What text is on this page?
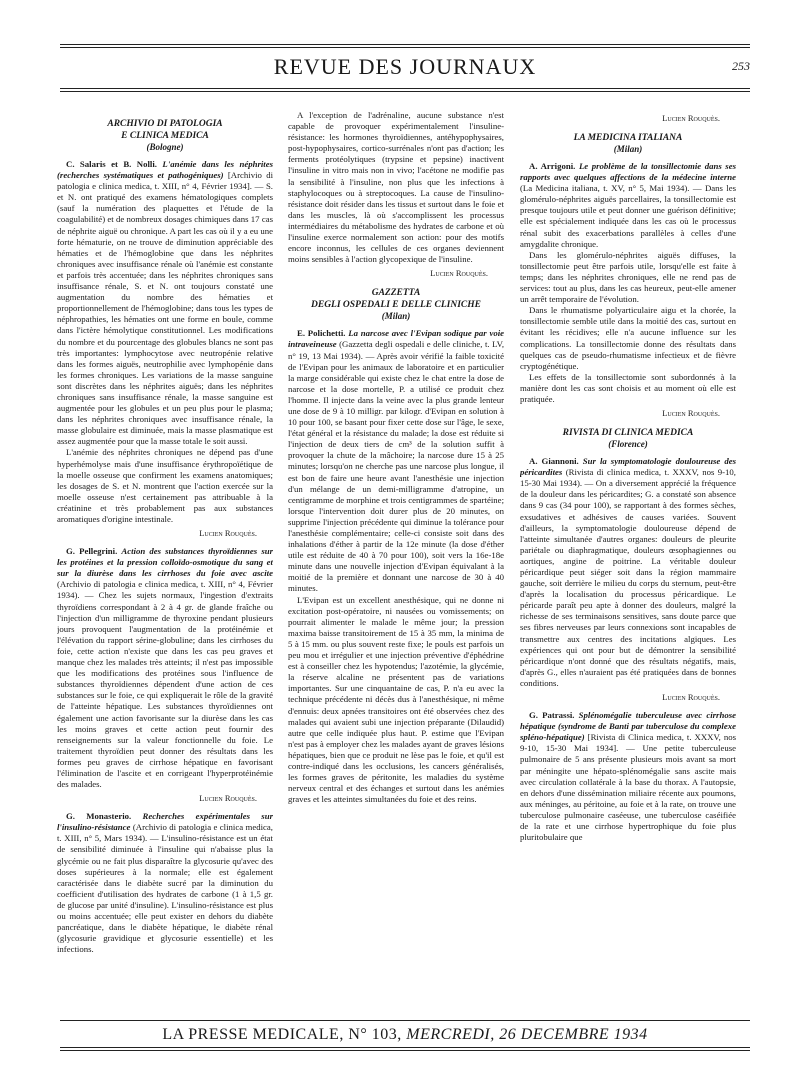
REVUE DES JOURNAUX	253
ARCHIVIO DI PATOLOGIA
E CLINICA MEDICA
(Bologne)

C. Salaris et B. Nolli. L'anémie dans les néphrites (recherches systématiques et pathogéniques) [Archivio di patologia e clinica medica, t. XIII, n° 4, Février 1934]. — S. et N. ont pratiqué des examens hématologiques complets (sauf la numération des plaquettes et l'étude de la coagulabilité) et de nombreux dosages chimiques dans 17 cas de néphrite aiguë ou chronique. A part les cas où il y a eu une forte hématurie, on ne trouve de diminution appréciable des hématies et de l'hémoglobine que dans les néphrites chroniques avec insuffisance rénale où l'anémie est constante et parfois très accentuée; dans les néphrites chroniques sans insuffisance rénale, S. et N. ont toujours constaté une augmentation du nombre des hématies et proportionnellement de l'hémoglobine; dans tous les types de néphropathies, les hématies ont une forme en boule, comme dans l'ictère hémolytique constitutionnel. Les modifications du nombre et du pourcentage des globules blancs ne sont pas très importantes: lymphocytose avec neutropénie relative dans les formes aiguës, neutrophilie avec lymphopénie dans les formes chroniques. Les variations de la masse sanguine sont discrètes dans les néphrites aiguës; dans les néphrites chroniques sans insuffisance rénale, la masse sanguine est augmentée pour les globules et un peu plus pour le plasma; dans les néphrites chroniques avec insuffisance rénale, la masse globulaire est diminuée, mais la masse plasmatique est assez augmentée pour que la masse totale le soit aussi.

L'anémie des néphrites chroniques ne dépend pas d'une hyperhémolyse mais d'une insuffisance érythropoïétique de la moelle osseuse que confirment les examens anatomiques; les dosages de S. et N. montrent que l'action exercée sur la moelle osseuse n'est certainement pas attribuable à la créatinine et très probablement pas aux substances aromatiques d'origine intestinale.

Lucien Rouquès.

G. Pellegrini. Action des substances thyroïdiennes sur les protéines et la pression colloïdo-osmotique du sang et sur la diurèse dans les cirrhoses du foie avec ascite (Archivio di patologia e clinica medica, t. XIII, n° 4, Février 1934). — Chez les sujets normaux, l'ingestion d'extraits thyroïdiens correspondant à 2 à 4 gr. de glande fraîche ou l'injection d'un milligramme de thyroxine pendant plusieurs jours provoquent l'augmentation de la protéinémie et l'élévation du rapport sérine-globuline; dans les cirrhoses du foie, cette action n'existe que dans les cas peu graves et manque chez les malades très atteints; il n'est pas impossible que les modifications des protéines sous l'influence de substances thyroïdiennes dépendent d'une action de ces substances sur le foie, ce qui expliquerait le rôle de la gravité de l'atteinte hépatique. Les substances thyroïdiennes ont également une action favorisante sur la diurèse dans les cas les moins graves et cette action peut fournir des renseignements sur la valeur fonctionnelle du foie. Le traitement thyroïdien peut donner des résultats dans les formes peu graves de cirrhose hépatique en favorisant l'élimination de l'ascite et en corrigeant l'hyperprotéinémie des malades.

Lucien Rouquès.

G. Monasterio. Recherches expérimentales sur l'insulino-résistance (Archivio di patologia e clinica medica, t. XIII, n° 5, Mars 1934). — L'insulino-résistance est un état de sensibilité diminuée à l'insuline qui n'abaisse plus la glycémie ou ne fait plus disparaître la glycosurie qu'avec des doses supérieures à la normale; elle est également caractérisée dans le diabète sucré par la diminution du coefficient d'utilisation des hydrates de carbone (1 à 1,5 gr. de glucose par unité d'insuline). L'insulino-résistance est plus ou moins accentuée; elle peut exister en dehors du diabète pancréatique, dans le diabète hépatique, le diabète rénal (glycosurie gravidique et glycosurie essentielle) et les infections.

A l'exception de l'adrénaline, aucune substance n'est capable de provoquer expérimentalement l'insuline-résistance: les hormones thyroïdiennes, antéhypophysaires, post-hypophysaires, cortico-surrénales n'ont pas d'action; les ferments protéolytiques (trypsine et pepsine) inactivent l'insuline in vitro mais non in vivo; l'acétone ne modifie pas la sensibilité à l'insuline, non plus que les infections à staphylocoques ou à streptocoques. La cause de l'insulino-résistance doit résider dans les tissus et surtout dans le foie et dans les muscles, là où s'accomplissent les processus intermédiaires du métabolisme des hydrates de carbone et où l'insuline exerce normalement son action: pour des motifs encore inconnus, les cellules de ces organes deviennent moins sensibles à l'action glycopexique de l'insuline.

Lucien Rouquès.
GAZZETTA
DEGLI OSPEDALI E DELLE CLINICHE
(Milan)

E. Polichetti. La narcose avec l'Evipan sodique par voie intraveineuse (Gazzetta degli ospedali e delle cliniche, t. LV, n° 19, 13 Mai 1934). — Après avoir vérifié la faible toxicité de l'Evipan pour les animaux de laboratoire et en particulier la marge considérable qui existe chez le chat entre la dose de narcose et la dose mortelle, P. a utilisé ce produit chez l'homme. Il injecte dans la veine avec la plus grande lenteur une dose de 9 à 10 milligr. par kilogr. d'Evipan en solution à 10 pour 100, se basant pour fixer cette dose sur l'âge, le sexe, l'état général et la résistance du malade; la dose est réduite si l'injection de deux tiers de cm³ de la solution suffit à provoquer la chute de la mâchoire; la narcose dure 15 à 25 minutes; lorsqu'on ne cherche pas une narcose plus longue, il est bon de faire une heure avant l'anesthésie une injection d'un mélange de un demi-milligramme d'atropine, un centigramme de morphine et trois centigrammes de spartéine; lorsque l'intervention doit durer plus de 20 minutes, on supprime l'injection précédente qui diminue la tolérance pour l'anesthésie complémentaire; celle-ci consiste soit dans des inhalations d'éther à partir de la 12e minute (la dose d'éther utile est réduite de 40 à 70 pour 100), soit vers la 16e-18e minute dans une nouvelle injection d'Evipan équivalant à la moitié de la première et donnant une narcose de 30 à 40 minutes.

L'Evipan est un excellent anesthésique, qui ne donne ni excitation post-opératoire, ni nausées ou vomissements; on pourrait alimenter le malade le même jour; la pression maxima baisse transitoirement de 15 à 35 mm, la minima de 5 à 15 mm. ou plus souvent reste fixe; le pouls est parfois un peu mou et irrégulier et une injection préventive d'éphédrine est à conseiller chez les hypotendus; l'azotémie, la glycémie, la réserve alcaline ne présentent pas de variations importantes. Sur une cinquantaine de cas, P. n'a eu avec la technique précédente ni décès dus à l'anesthésique, ni même d'ennuis: deux apnées transitoires ont été observées chez des malades qui avaient subi une injection préparante (Dilaudid) autre que celle indiquée plus haut. P. estime que l'Evipan n'est pas à employer chez les malades ayant de graves lésions hépatiques, bien que ce produit ne lèse pas le foie, et qu'il est contre-indiqué dans les occlusions, les cancers généralisés, les formes graves de péritonite, les maladies du système nerveux central et des échanges et surtout dans les anémies graves et les atteintes simultanées du foie et des reins.

Lucien Rouquès.
LA MEDICINA ITALIANA
(Milan)

A. Arrigoni. Le problème de la tonsillectomie dans ses rapports avec quelques affections de la médecine interne (La Medicina italiana, t. XV, n° 5, Mai 1934). — Dans les glomérulo-néphrites aiguës parcellaires, la tonsillectomie est presque toujours utile et peut donner une guérison définitive; elle est spécialement indiquée dans les cas où le processus rénal subit des exacerbations parallèles à celles d'une amygdalite chronique.

Dans les glomérulo-néphrites aiguës diffuses, la tonsillectomie peut être parfois utile, lorsqu'elle est faite à temps; dans les néphrites chroniques, elle ne rend pas de services: tout au plus, dans les cas heureux, peut-elle amener un arrêt temporaire de l'évolution.

Dans le rhumatisme polyarticulaire aigu et la chorée, la tonsillectomie semble utile dans la moitié des cas, surtout en évitant les récidives; elle n'a aucune influence sur les complications. La tonsillectomie donne des résultats dans quelques cas de pseudo-rhumatisme infectieux et de fièvre cryptogénétique.

Les effets de la tonsillectomie sont subordonnés à la manière dont les cas sont choisis et au moment où elle est pratiquée.

Lucien Rouquès.
RIVISTA DI CLINICA MEDICA
(Florence)

A. Giannoni. Sur la symptomatologie douloureuse des péricardites (Rivista di clinica medica, t. XXXV, nos 9-10, 15-30 Mai 1934). — On a diversement apprécié la fréquence de la douleur dans les péricardites; G. a constaté son absence dans 9 cas (34 pour 100), se rapportant à des formes sèches, exsudatives et adhésives de causes variées. Souvent d'ailleurs, la symptomatologie douloureuse dépend de l'atteinte simultanée d'autres organes: douleurs de pleurite pariétale ou diaphragmatique, douleurs œsophagiennes ou aortiques, angine de poitrine. La véritable douleur péricardique peut siéger soit dans la région mammaire gauche, soit derrière le milieu du corps du sternum, peut-être d'après la localisation du processus péricardique. Le péricarde paraît peu apte à donner des douleurs, malgré la richesse de ses terminaisons sensitives, sans doute parce que ses fibres nerveuses par leurs connexions sont incapables de transmettre aux centres des incitations algiques. Les expériences qui ont pour but de démontrer la sensibilité péricardique n'ont donné que des résultats négatifs, mais, d'après G., elles n'auraient pas été pratiquées dans de bonnes conditions.

Lucien Rouquès.

G. Patrassi. Splénomégalie tuberculeuse avec cirrhose hépatique (syndrome de Banti par tuberculose du complexe spléno-hépatique) [Rivista di Clinica medica, t. XXXV, nos 9-10, 15-30 Mai 1934]. — Une petite tuberculeuse pulmonaire de 5 ans présente plusieurs mois avant sa mort par méningite une hépato-splénomégalie sans ascite mais avec circulation collatérale à la base du thorax. A l'autopsie, en dehors d'une dissémination miliaire récente aux poumons, aux méninges, au péritoine, au foie et à la rate, on trouve une tuberculose pulmonaire caséeuse, une tuberculose caséifiée de la rate et une cirrhose hypertrophique du foie plus pluritobulaire que

LA PRESSE MEDICALE, N° 103, MERCREDI, 26 DECEMBRE 1934
